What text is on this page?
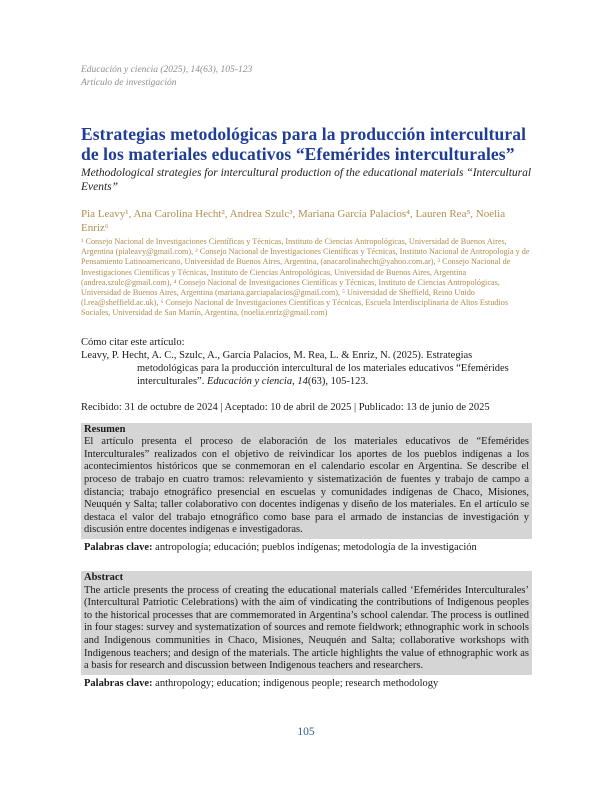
Educación y ciencia (2025), 14(63), 105-123
Artículo de investigación
Estrategias metodológicas para la producción intercultural de los materiales educativos “Efemérides interculturales”
Methodological strategies for intercultural production of the educational materials “Intercultural Events”

Pia Leavy¹, Ana Carolina Hecht², Andrea Szulc³, Mariana García Palacios⁴, Lauren Rea⁵, Noelia Enriz⁶

¹ Consejo Nacional de Investigaciones Científicas y Técnicas, Instituto de Ciencias Antropológicas, Universidad de Buenos Aires, Argentina (pialeavy@gmail.com), ² Consejo Nacional de Investigaciones Científicas y Técnicas, Instituto Nacional de Antropología y de Pensamiento Latinoamericano, Universidad de Buenos Aires, Argentina, (anacarolinahecht@yahoo.com.ar), ³ Consejo Nacional de Investigaciones Científicas y Técnicas, Instituto de Ciencias Antropológicas, Universidad de Buenos Aires, Argentina (andrea.szulc@gmail.com), ⁴ Consejo Nacional de Investigaciones Científicas y Técnicas, Instituto de Ciencias Antropológicas, Universidad de Buenos Aires, Argentina (mariana.garciapalacios@gmail.com), ⁵ Universidad de Sheffield, Reino Unido (l.rea@sheffield.ac.uk), ⁶ Consejo Nacional de Investigaciones Científicas y Técnicas, Escuela Interdisciplinaria de Altos Estudios Sociales, Universidad de San Martín, Argentina, (noelia.enriz@gmail.com)

Cómo citar este artículo:

Leavy, P. Hecht, A. C., Szulc, A., García Palacios, M. Rea, L. & Enriz, N. (2025). Estrategias metodológicas para la producción intercultural de los materiales educativos “Efemérides interculturales”. Educación y ciencia, 14(63), 105-123.

Recibido: 31 de octubre de 2024 | Aceptado: 10 de abril de 2025 | Publicado: 13 de junio de 2025

Resumen
El artículo presenta el proceso de elaboración de los materiales educativos de “Efemérides Interculturales” realizados con el objetivo de reivindicar los aportes de los pueblos indígenas a los acontecimientos históricos que se conmemoran en el calendario escolar en Argentina. Se describe el proceso de trabajo en cuatro tramos: relevamiento y sistematización de fuentes y trabajo de campo a distancia; trabajo etnográfico presencial en escuelas y comunidades indígenas de Chaco, Misiones, Neuquén y Salta; taller colaborativo con docentes indígenas y diseño de los materiales. En el artículo se destaca el valor del trabajo etnográfico como base para el armado de instancias de investigación y discusión entre docentes indígenas e investigadoras.

Palabras clave: antropología; educación; pueblos indígenas; metodología de la investigación

Abstract
The article presents the process of creating the educational materials called ‘Efemérides Interculturales’ (Intercultural Patriotic Celebrations) with the aim of vindicating the contributions of Indigenous peoples to the historical processes that are commemorated in Argentina’s school calendar. The process is outlined in four stages: survey and systematization of sources and remote fieldwork; ethnographic work in schools and Indigenous communities in Chaco, Misiones, Neuquén and Salta; collaborative workshops with Indigenous teachers; and design of the materials. The article highlights the value of ethnographic work as a basis for research and discussion between Indigenous teachers and researchers.

Palabras clave: anthropology; education; indigenous people; research methodology

105
